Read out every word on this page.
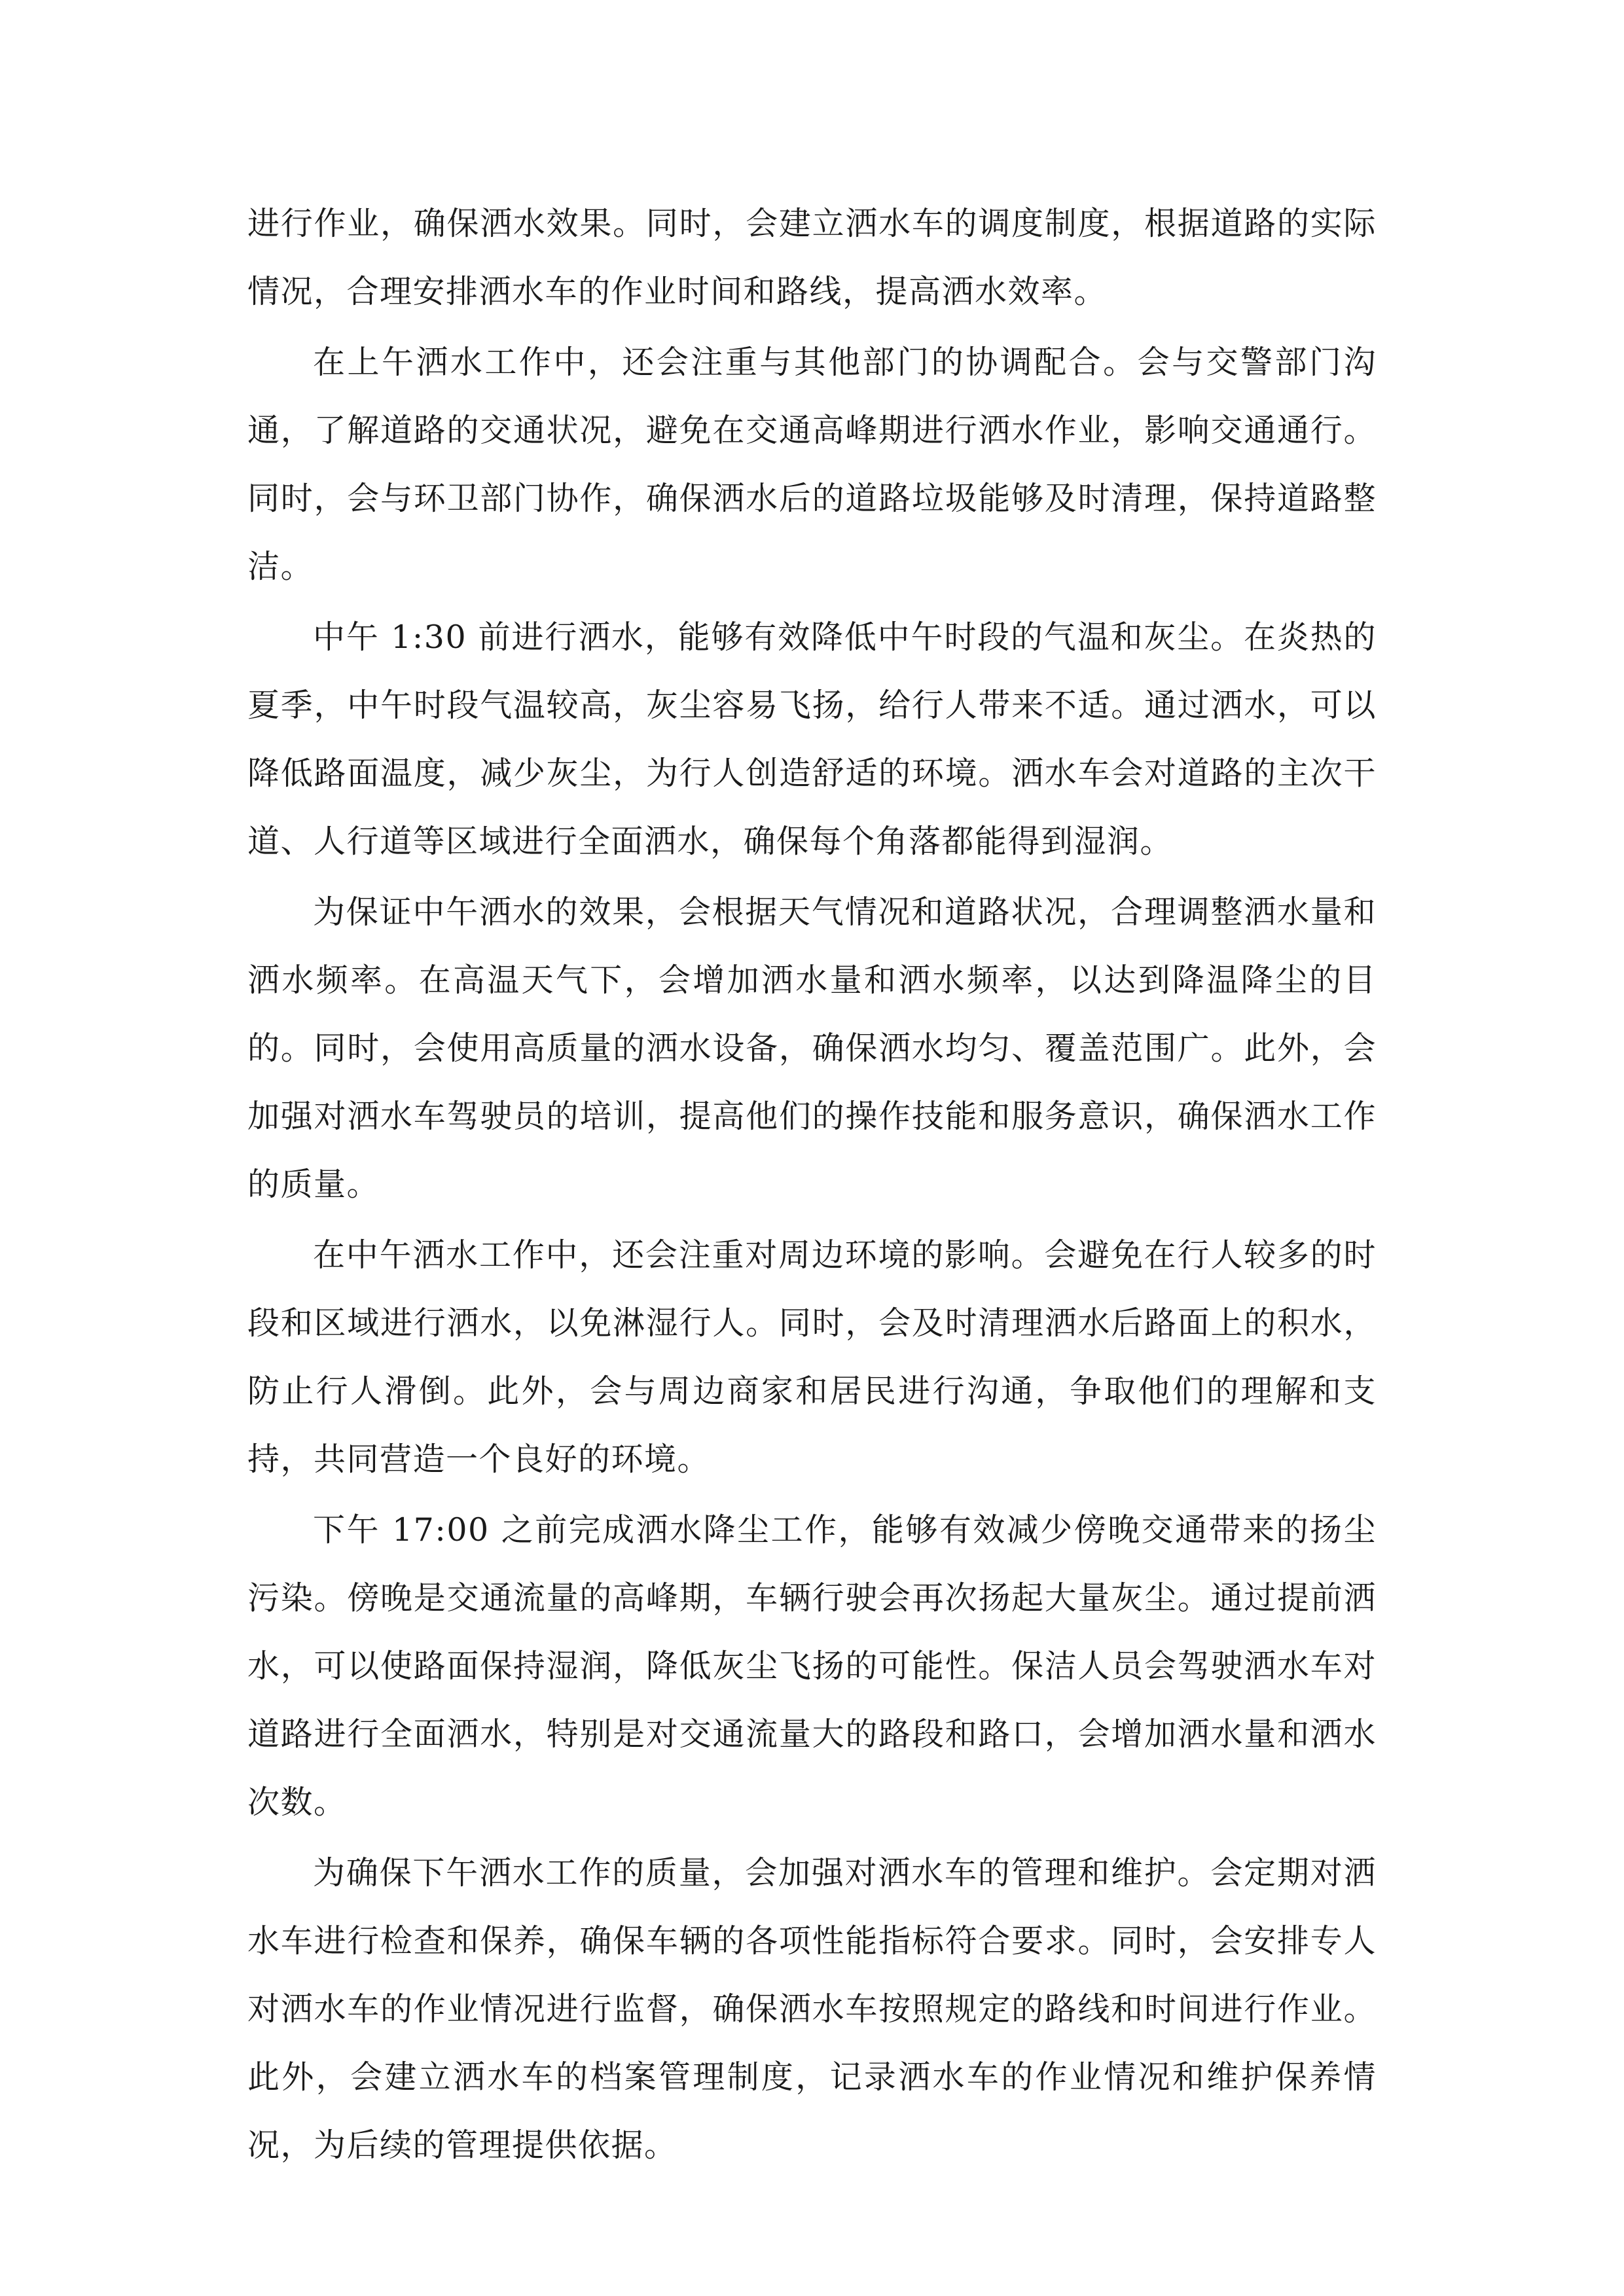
进行作业，确保洒水效果。同时，会建立洒水车的调度制度，根据道路的实际情况，合理安排洒水车的作业时间和路线，提高洒水效率。

在上午洒水工作中，还会注重与其他部门的协调配合。会与交警部门沟通，了解道路的交通状况，避免在交通高峰期进行洒水作业，影响交通通行。同时，会与环卫部门协作，确保洒水后的道路垃圾能够及时清理，保持道路整洁。

中午 1:30 前进行洒水，能够有效降低中午时段的气温和灰尘。在炎热的夏季，中午时段气温较高，灰尘容易飞扬，给行人带来不适。通过洒水，可以降低路面温度，减少灰尘，为行人创造舒适的环境。洒水车会对道路的主次干道、人行道等区域进行全面洒水，确保每个角落都能得到湿润。

为保证中午洒水的效果，会根据天气情况和道路状况，合理调整洒水量和洒水频率。在高温天气下，会增加洒水量和洒水频率，以达到降温降尘的目的。同时，会使用高质量的洒水设备，确保洒水均匀、覆盖范围广。此外，会加强对洒水车驾驶员的培训，提高他们的操作技能和服务意识，确保洒水工作的质量。

在中午洒水工作中，还会注重对周边环境的影响。会避免在行人较多的时段和区域进行洒水，以免淋湿行人。同时，会及时清理洒水后路面上的积水，防止行人滑倒。此外，会与周边商家和居民进行沟通，争取他们的理解和支持，共同营造一个良好的环境。

下午 17:00 之前完成洒水降尘工作，能够有效减少傍晚交通带来的扬尘污染。傍晚是交通流量的高峰期，车辆行驶会再次扬起大量灰尘。通过提前洒水，可以使路面保持湿润，降低灰尘飞扬的可能性。保洁人员会驾驶洒水车对道路进行全面洒水，特别是对交通流量大的路段和路口，会增加洒水量和洒水次数。

为确保下午洒水工作的质量，会加强对洒水车的管理和维护。会定期对洒水车进行检查和保养，确保车辆的各项性能指标符合要求。同时，会安排专人对洒水车的作业情况进行监督，确保洒水车按照规定的路线和时间进行作业。此外，会建立洒水车的档案管理制度，记录洒水车的作业情况和维护保养情况，为后续的管理提供依据。
